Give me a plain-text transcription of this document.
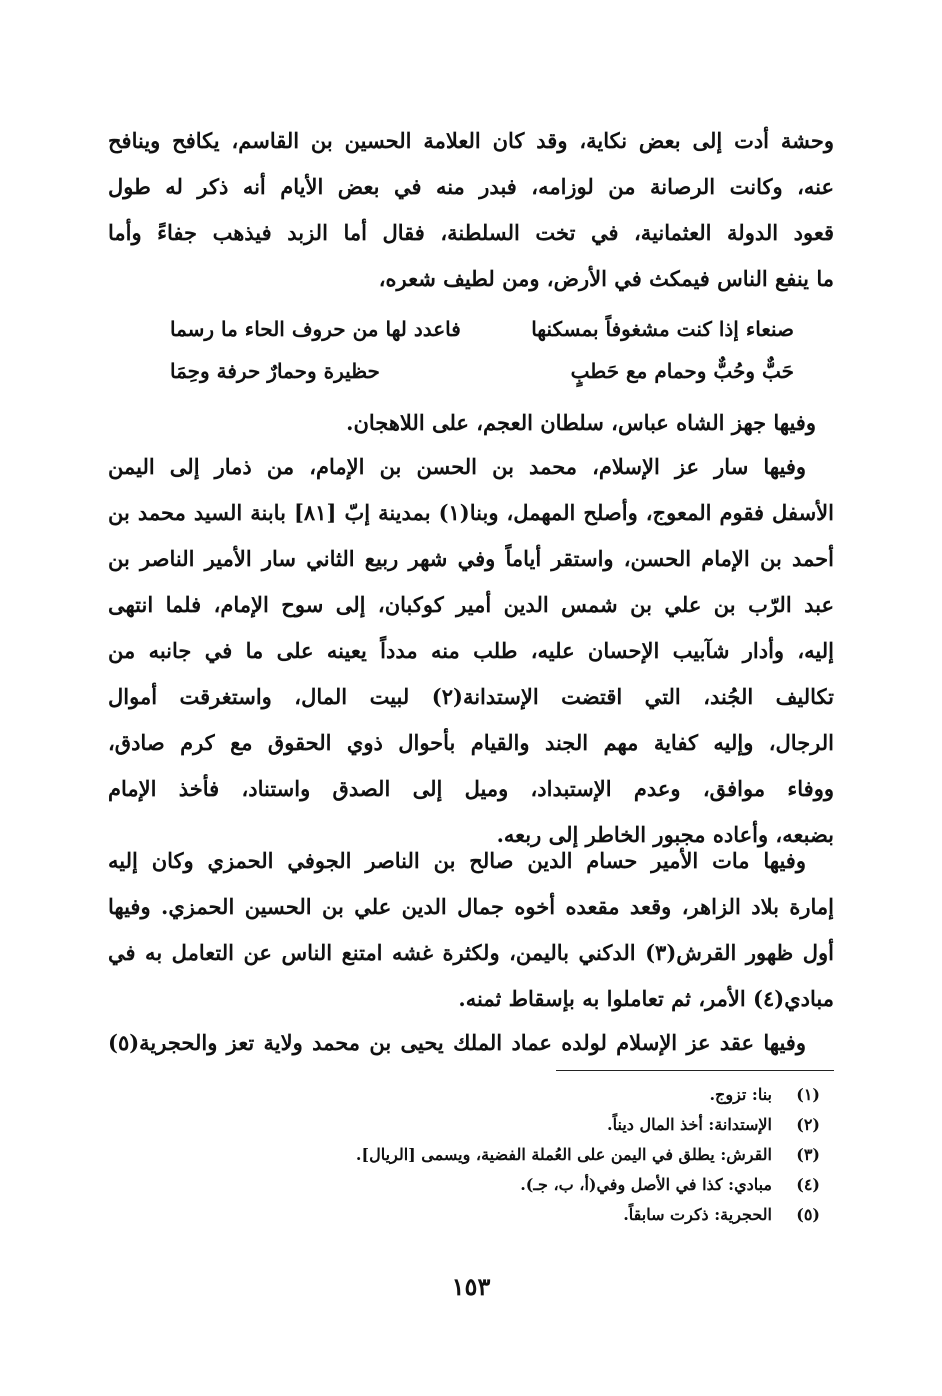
وحشة أدت إلى بعض نكاية، وقد كان العلامة الحسين بن القاسم، يكافح وينافح
عنه، وكانت الرصانة من لوزامه، فبدر منه في بعض الأيام أنه ذكر له طول
قعود الدولة العثمانية، في تخت السلطنة، فقال أما الزبد فيذهب جفاءً وأما
ما ينفع الناس فيمكث في الأرض، ومن لطيف شعره،
صنعاء إذا كنت مشغوفاً بمسكنها
فاعدد لها من حروف الحاء ما رسما
حَبٌّ وحُبٌّ وحمام مع حَطبٍ
حظيرة وحمارٌ حرفة وحِمَا
وفيها جهز الشاه عباس، سلطان العجم، على اللاهجان.
وفيها سار عز الإسلام، محمد بن الحسن بن الإمام، من ذمار إلى اليمن
الأسفل فقوم المعوج، وأصلح المهمل، وبنا(١) بمدينة إبّ [٨١] بابنة السيد محمد بن
أحمد بن الإمام الحسن، واستقر أياماً وفي شهر ربيع الثاني سار الأمير الناصر بن
عبد الرّب بن علي بن شمس الدين أمير كوكبان، إلى سوح الإمام، فلما انتهى
إليه، وأدار شآبيب الإحسان عليه، طلب منه مدداً يعينه على ما في جانبه من
تكاليف الجُند، التي اقتضت الإستدانة(٢) لبيت المال، واستغرقت أموال
الرجال، وإليه كفاية مهم الجند والقيام بأحوال ذوي الحقوق مع كرم صادق،
ووفاء موافق، وعدم الإستبداد، وميل إلى الصدق واستناد، فأخذ الإمام
بضبعه، وأعاده مجبور الخاطر إلى ربعه.
وفيها مات الأمير حسام الدين صالح بن الناصر الجوفي الحمزي وكان إليه
إمارة بلاد الزاهر، وقعد مقعده أخوه جمال الدين علي بن الحسين الحمزي. وفيها
أول ظهور القرش(٣) الدكني باليمن، ولكثرة غشه امتنع الناس عن التعامل به في
مبادي(٤) الأمر، ثم تعاملوا به بإسقاط ثمنه.
وفيها عقد عز الإسلام لولده عماد الملك يحيى بن محمد ولاية تعز والحجرية(٥)
(١)
بنا: تزوج.
(٢)
الإستدانة: أخذ المال ديناً.
(٣)
القرش: يطلق في اليمن على العُملة الفضية، ويسمى [الريال].
(٤)
مبادي: كذا في الأصل وفي(أ، ب، جـ).
(٥)
الحجرية: ذكرت سابقاً.
١٥٣
